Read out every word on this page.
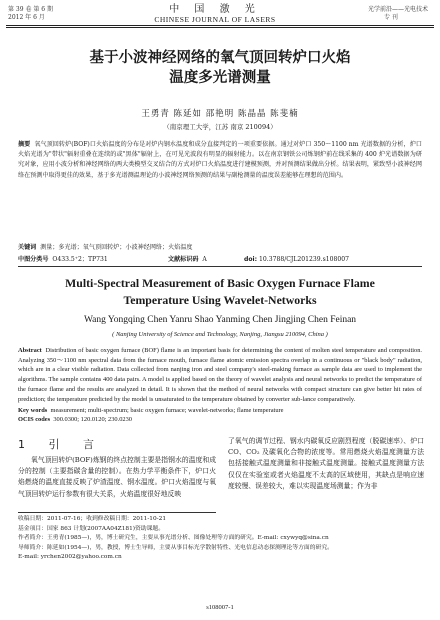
第 39 卷 第 6 期
2012 年 6 月
中 国 激 光
CHINESE JOURNAL OF LASERS
光学前沿——光电技术
专 刊
基于小波神经网络的氧气顶回转炉口火焰
温度多光谱测量
王勇青 陈延如 邵艳明 陈晶晶 陈斐楠
（南京理工大学，江苏 南京 210094）
摘要 氧气顶回转炉(BOF)口火焰温度的分布是对炉内钢水温度和成分直接判定的一项重要依据。通过对炉口 350～1100 nm 光谱数据的分析，炉口火焰光谱为"带状"辐射重叠在连续的或"黑体"辐射上，在可见光波段有明显的辐射能力。以在南京钢铁公司炼钢炉前在线采集的 400 炉光谱数据为研究对象，应用小波分析和神经网络的两大类模型交叉结合的方式对炉口火焰温度进行建模预测，并对预测结果做出分析。结果表明，紧致型小波神经网络在预测中取得更佳的效果，基于多光谱测温理论的小波神经网络预测的结果与副枪测量的温度误差能够在理想的范围内。
关键词 测量；多光谱；氧气顶回转炉；小波神经网络；火焰温度
中图分类号 O433.5⁺2；TP731	文献标识码 A	doi: 10.3788/CJL201239.s108007
Multi-Spectral Measurement of Basic Oxygen Furnace Flame
Temperature Using Wavelet-Networks
Wang Yongqing Chen Yanru Shao Yanming Chen Jingjing Chen Feinan
( Nanjing University of Science and Technology, Nanjing, Jiangsu 210094, China )
Abstract Distribution of basic oxygen furnace (BOF) flame is an important basis for determining the content of molten steel temperature and composition. Analyzing 350～1100 nm spectral data from the furnace mouth, furnace flame atomic emission spectra overlap in a continuous or "black body" radiation, which are in a clear visible radiation. Data collected from nanjing iron and steel company's steel-making furnace as sample data are used to implement the algorithms. The sample contains 400 data pairs. A model is applied based on the theory of wavelet analysis and neural networks to predict the temperature of the furnace flame and the results are analyzed in detail. It is shown that the method of neural networks with compact structure can give better hit rates of prediction; the temperature predicted by the model is unsaturated to the temperature obtained by converter sub-lance comparatively.
Key words measurement; multi-spectrum; basic oxygen furnace; wavelet-networks; flame temperature
OCIS codes 300.0300; 120.0120; 230.0230
1 引 言
氧气顶回转炉(BOF)炼钢的终点控制主要是指钢水的温度和成分的控制（主要指碳含量的控制）。在热力学平衡条件下，炉口火焰燃烧的温度直接反映了炉渣温度、钢水温度。炉口火焰温度与氧气顶回转炉运行参数有很大关系，火焰温度很好地反映
了氧气的调节过程、钢水内碳氧反应剧烈程度（脱碳速率）、炉口 CO、CO₂ 及碳氧化合物的浓度等。常用燃烧火焰温度测量方法包括接触式温度测量和非接触式温度测量。接触式温度测量方法仅仅在实验室或者火焰温度不太高的区域使用，其缺点是响应速度较慢、误差较大，难以实现温度场测量；作为非
收稿日期：2011-07-16；收到修改稿日期：2011-10-21
基金项目：国家 863 计划(2007AA04Z181)资助课题。
作者简介：王勇青(1985—)，男，博士研究生，主要从事光谱分析、图像处理等方面的研究。E-mail: cxywyq@sina.cn
导师简介：陈延如(1954—)，男，教授，博士生导师，主要从事目标光学散射特性、光电信息动态探测理论等方面的研究。
E-mail: yrchen2002@yahoo.com.cn
s108007-1
